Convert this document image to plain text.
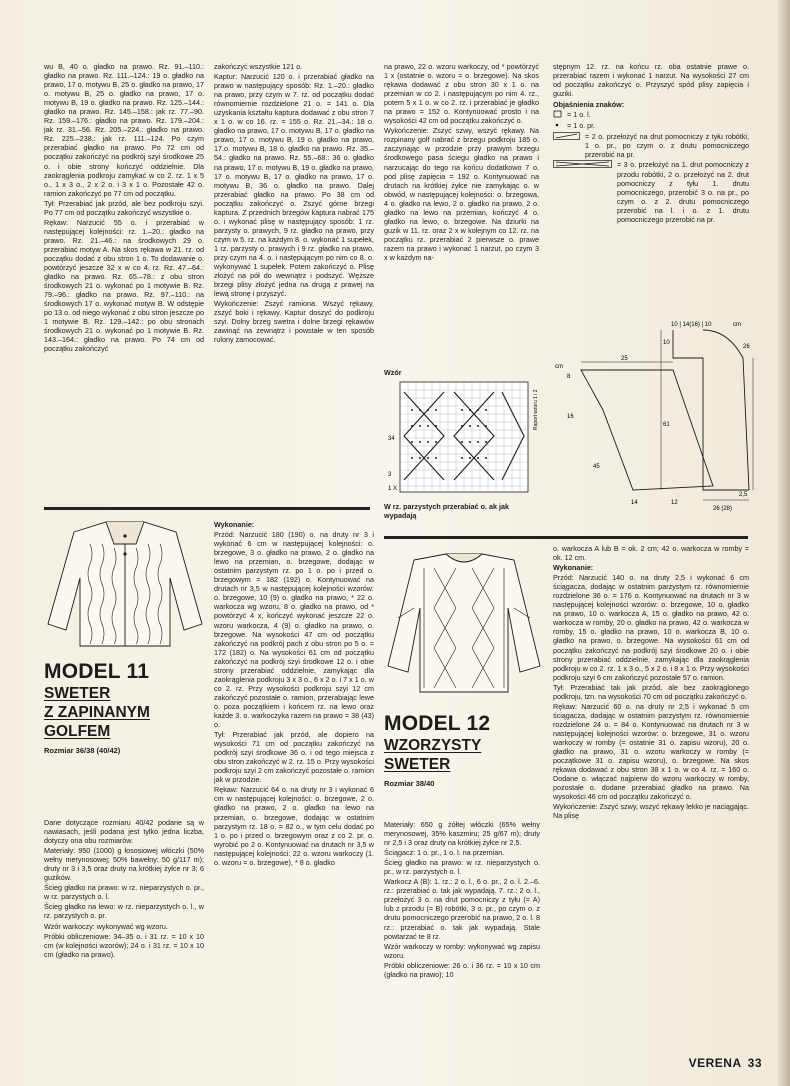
wu B, 40 o. gładko na prawo. Rz. 91.–110.: gładko na prawo. Rz. 111.–124.: 19 o. gładko na prawo, 17 o. motywu B, 25 o. gładko na prawo, 17 o. motywu B, 25 o. gładko na prawo, 17 o. motywu B, 19 o. gładko na prawo. Rz. 125.–144.: gładko na prawo. Rz. 145.–158.: jak rz. 77.–90. Rz. 159.–176.: gładko na prawo. Rz. 179.–204.: jak rz. 31.–56. Rz. 205.–224.: gładko na prawo. Rz. 225.–238.: jak rz. 111.–124. Po czym przerabiać gładko na prawo. Po 72 cm od początku zakończyć na podkrój szyi środkowe 25 o. i obie strony kończyć oddzielnie. Dla zaokrąglenia podkroju zamykać w co 2. rz. 1 x 5 o., 1 x 3 o., 2 x 2 o. i 3 x 1 o. Pozostałe 42 o. ramion zakończyć po 77 cm od początku.

Tył: Przerabiać jak przód, ale bez podkroju szyi. Po 77 cm od początku zakończyć wszystkie o.

Rękaw: Narzucić 55 o. i przerabiać w następującej kolejności: rz. 1.–20.: gładko na prawo. Rz. 21.–46.: na środkowych 29 o. przerabiać motyw A. Na skos rękawa w 21. rz. od początku dodać z obu stron 1 o. To dodawanie o. powtórzyć jeszcze 32 x w co 4. rz. Rz. 47.–64.: gładko na prawo. Rz. 65.–78.: z obu stron środkowych 21 o. wykonać po 1 motywie B. Rz. 79.–96.: gładko na prawo. Rz. 97.–110.: na środkowych 17 o. wykonać motyw B. W odstępie po 13 o. od niego wykonać z obu stron jeszcze po 1 motywie B. Rz. 129.–142.: po obu stronach środkowych 21 o. wykonać po 1 motywie B. Rz. 143.–164.: gładko na prawo. Po 74 cm od początku zakończyć

zakończyć wszystkie 121 o.

Kaptur: Narzucić 120 o. i przerabiać gładko na prawo w następujący sposób: Rz. 1.–20.: gładko na prawo, przy czym w 7. rz. od początku dodać równomiernie rozdzielone 21 o. = 141 o. Dla uzyskania kształtu kaptura dodawać z obu stron 7 x 1 o. w co 16. rz. = 155 o. Rz. 21.–34.: 18 o. gładko na prawo, 17 o. motywu B, 17 o. gładko na prawo, 17 o. motywu B, 19 o. gładko na prawo, 17.o. motywu B, 18 o. gładko na prawo. Rz. 35.–54.: gładko na prawo. Rz. 55.–68.: 36 o. gładko na prawo, 17 o. motywu B, 19 o. gładko na prawo, 17 o. motywu B, 17 o. gładko na prawo, 17 o. motywu B, 36 o. gładko na prawo. Dalej przerabiać gładko na prawo. Po 38 cm od początku zakończyć o. Zszyć górne brzegi kaptura. Z przednich brzegów kaptura nabrać 175 o. i wykonać plisę w następujący sposób: 1 rz. parzysty o. prawych, 9 rz. gładko na prawo, przy czym w 5. rz. na każdym 8. o. wykonać 1 supełek, 1 rz. parzysty o. prawych i 9 rz. gładko na prawo, przy czym na 4. o. i następującym po nim co 8. o. wykonywać 1 supełek. Potem zakończyć o. Plisę złożyć na pół do wewnątrz i podszyć. Węższe brzegi plisy złożyć jedna na drugą z prawej na lewą stronę i przyszyć.

Wykończenie: Zszyć ramiona. Wszyć rękawy, zszyć boki i rękawy. Kaptur doszyć do podkroju szyi. Dolny brzeg swetra i dolne brzegi rękawów zawinąć na zewnątrz i powstałe w ten sposób rulony zamocować.

na prawo, 22 o. wzoru warkoczy, od * powtórzyć 1 x (ostatnie o. wzoru = o. brzegowe). Na skos rękawa dodawać z obu stron 30 x 1 o. na przemian w co 2. i następującym po nim 4. rz., potem 5 x 1 o. w co 2. rz. i przerabiać je gładko na prawo = 152 o. Kontynuować prosto i na wysokości 42 cm od początku zakończyć o.

Wykończenie: Zszyć szwy, wszyć rękawy. Na rozpinany golf nabrać z brzegu podkroju 185 o. zaczynając w przodzie przy prawym brzegu środkowego pasa ściegu gładko na prawo i narzucając do tego na końcu dodatkowo 7 o. pod plisę zapięcia = 192 o. Kontynuować na drutach na krótkiej żyłce nie zamykając o. w obwód, w następującej kolejności: o. brzegowa, 4 o. gładko na lewo, 2 o. gładko na prawo, 2 o. gładko na lewo na przemian, kończyć 4 o. gładko na lewo, o. brzegowe. Na dziurki na guzik w 11. rz. oraz 2 x w kolejnym co 12. rz. na początku rz. przerabiać 2 pierwsze o. prawe razem na prawo i wykonać 1 narzut, po czym 3 x w każdym na-

stępnym 12. rz. na końcu rz. oba ostatnie prawe o. przerabiać razem i wykonać 1 narzut. Na wysokości 27 cm od początku zakończyć o. Przyszyć spód plisy zapięcia i guziki.

Objaśnienia znaków:

= 1 o. l.
= 1 o. pr.
= 2 o. przełożyć na drut pomocniczy z tyłu robótki, 1 o. pr., po czym o. z drutu pomocniczego przerobić na pr.
= 3 o. przełożyć na 1. drut pomocniczy z przodu robótki, 2 o. przełożyć na 2. drut pomocniczy z tyłu 1. drutu pomocniczego, przerobić 3 o. na pr., po czym o. z 2. drutu pomocniczego przerobić na l. i o. z 1. drutu pomocniczego przerobić na pr.
Wzór
34
3
1 X
Raport wzoru 1 i 2
W rz. parzystych przerabiać o. ak jak wypadają
10 | 14(16) | 10	cm
10
26
61
2,5
cm
25
8
16
45
14	12
26 (28)
MODEL 11
SWETER
Z ZAPINANYM
GOLFEM
Rozmiar 36/38 (40/42)

Dane dotyczące rozmiaru 40/42 podane są w nawiasach, jeśli podana jest tylko jedna liczba, dotyczy ona obu rozmiarów.

Materiały: 950 (1000) g łososiowej włóczki (50% wełny merynosowej; 50% bawełny; 50 g/117 m); druty nr 3 i 3,5 oraz druty na krótkiej żyłce nr 3; 6 guzików.

Ścieg gładko na prawo: w rz. nieparzystych o. pr., w rz. parzystych o. l.

Ścieg gładko na lewo: w rz. nieparzystych o. l., w rz. parzystych o. pr.

Wzór warkoczy: wykonywać wg wzoru.

Próbki obliczeniowe: 34–35 o. i 31 rz. = 10 x 10 cm (w kolejności wzorów); 24 o. i 31 rz. = 10 x 10 cm (gładko na prawo).

Wykonanie:

Przód: Narzucić 180 (190) o. na druty nr 3 i wykonać 6 cm w następującej kolejności: o. brzegowe, 3 o. gładko na prawo, 2 o. gładko na lewo na przemian, o. brzegowe, dodając w ostatnim parzystym rz. po 1 o. po i przed o. brzegowym = 182 (192) o. Kontynuować na drutach nr 3,5 w następującej kolejności wzorów: o. brzegowe, 10 (9) o. gładko na prawo, * 22 o. warkocza wg wzoru, 8 o. gładko na prawo, od * powtórzyć 4 x, kończyć wykonać jeszcze 22 o. wzoru warkocza, 4 (9) o. gładko na prawo, o. brzegowe. Na wysokości 47 cm od początku zakończyć na podkrój pach z obu stron po 5 o. = 172 (182) o. Na wysokości 61 cm od początku zakończyć na podkrój szyi środkowe 12 o. i obie strony przerabiać oddzielnie, zamykając dla zaokrąglenia podkroju 3 x 3 o., 6 x 2 o. i 7 x 1 o. w co 2. rz. Przy wysokości podkroju szyi 12 cm zakończyć pozostałe o. ramion, przerabiając lewe o. poza początkiem i końcem rz. na lewo oraz każde 3. o. warkoczyka razem na prawo = 38 (43) o.

Tył: Przerabiać jak przód, ale dopiero na wysokości 71 cm od początku zakończyć na podkrój szyi środkowe 36 o. i od tego miejsca z obu stron zakończyć w 2. rz. 15 o. Przy wysokości podkroju szyi 2 cm zakończyć pozostałe o. ramion jak w przodzie.

Rękaw: Narzucić 64 o. na druty nr 3 i wykonać 6 cm w następującej kolejności: o. brzegowe, 2 o. gładko na prawo, 2 o. gładko na lewo na przemian, o. brzegowe, dodając w ostatnim parzystym rz. 18 o. = 82 o., w tym celu dodać po 1 o. po i przed o. brzegowym oraz z co 2. pr. o. wyrobić po 2 o. Kontynuować na drutach nr 3,5 w następującej kolejności: 22 o. wzoru warkoczy (1. o. wzoru = o. brzegowe), * 8 o. gładko

MODEL 12
WZORZYSTY
SWETER
Rozmiar 38/40

Materiały: 650 g żółtej włóczki (65% wełny merynosowej, 35% kaszmiru; 25 g/67 m); druty nr 2,5 i 3 oraz druty na krótkiej żyłce nr 2,5.

Ściągacz: 1 o. pr., 1 o. l. na przemian.

Ścieg gładko na prawo: w rz. nieparzystych o. pr., w rz. parzystych o. l.

Warkocz A (B): 1. rz.: 2 o. l., 6 o. pr., 2 o. l. 2.–6. rz.: przerabiać o. tak jak wypadają. 7. rz.: 2 o. l., przełożyć 3 o. na drut pomocniczy z tyłu (= A) lub z przodu (= B) robótki, 3 o. pr., po czym o. z drutu pomocniczego przerobić na prawo, 2 o. l. 8 rz.: przerabiać o. tak jak wypadają. Stale powtarzać te 8 rz.

Wzór warkoczy w romby: wykonywać wg zapisu wzoru.

Próbki obliczeniowe: 26 o. i 36 rz. = 10 x 10 cm (gładko na prawo); 10

o. warkocza A lub B = ok. 2 cm; 42 o. warkocza w romby = ok. 12 cm.

Wykonanie:

Przód: Narzucić 140 o. na druty 2,5 i wykonać 6 cm ściągacza, dodając w ostatnim parzystym rz. równomiernie rozdzielone 36 o. = 176 o. Kontynuować na drutach nr 3 w następującej kolejności wzorów: o. brzegowe, 10 o. gładko na prawo, 10 o. warkocza A, 15 o. gładko na prawo, 42 o. warkocza w romby, 20 o. gładko na prawo, 42 o. warkocza w romby, 15 o. gładko na prawo, 10 o. warkocza B, 10 o. gładko na prawo, o. brzegowe. Na wysokości 61 cm od początku zakończyć na podkrój szyi środkowe 20 o. i obie strony przerabiać oddzielnie, zamykając dla zaokrąglenia podkroju w co 2. rz. 1 x 3 o., 5 x 2 o. i 8 x 1 o. Przy wysokości podkroju szyi 6 cm zakończyć pozostałe 57 o. ramion.

Tył: Przerabiać tak jak przód, ale bez zaokrąglonego podkroju, tzn. na wysokości 70 cm od początku zakończyć o.

Rękaw: Narzucić 60 o. na druty nr 2,5 i wykonać 5 cm ściągacza, dodając w ostatnim parzystym rz. równomiernie rozdzielone 24 o. = 84 o. Kontynuować na drutach nr 3 w następującej kolejności wzorów: o. brzegowe, 31 o. wzoru warkoczy w romby (= ostatnie 31 o. zapisu wzoru), 20 o. gładko na prawo, 31 o. wzoru warkoczy w romby (= początkowe 31 o. zapisu wzoru), o. brzegowe. Na skos rękawa dodawać z obu stron 38 x 1 o. w co 4. rz. = 160 o. Dodane o. włączać najpierw do wzoru warkoczy w romby, pozostałe o. dodane przerabiać gładko na prawo. Na wysokości 46 cm od początku zakończyć o.

Wykończenie: Zszyć szwy, wszyć rękawy lekko je naciągając. Na plisę

VERENA 33
